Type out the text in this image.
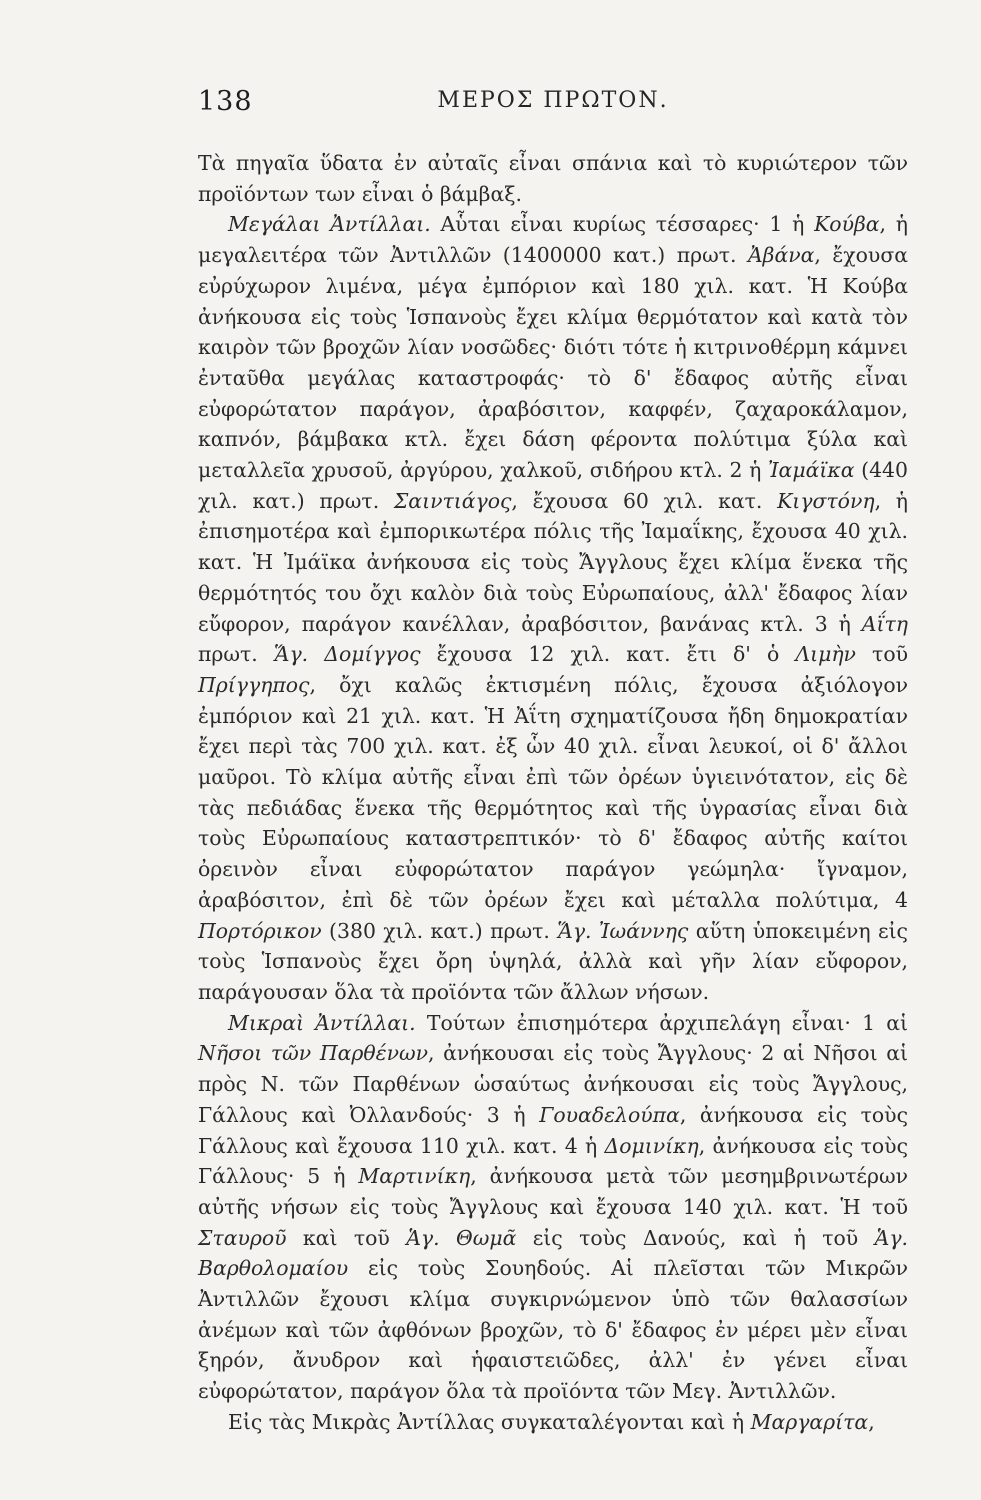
138	ΜΕΡΟΣ ΠΡΩΤΟΝ.

Τὰ πηγαῖα ὕδατα ἐν αὐταῖς εἶναι σπάνια καὶ τὸ κυριώτερον τῶν προϊόντων των εἶναι ὁ βάμβαξ.

Μεγάλαι Ἀντίλλαι. Αὗται εἶναι κυρίως τέσσαρες· 1 ἡ Κούβα, ἡ μεγαλειτέρα τῶν Ἀντιλλῶν (1400000 κατ.) πρωτ. Ἀβάνα, ἔχουσα εὐρύχωρον λιμένα, μέγα ἐμπόριον καὶ 180 χιλ. κατ. Ἡ Κούβα ἀνήκουσα εἰς τοὺς Ἱσπανοὺς ἔχει κλίμα θερμότατον καὶ κατὰ τὸν καιρὸν τῶν βροχῶν λίαν νοσῶδες· διότι τότε ἡ κιτρινοθέρμη κάμνει ἐνταῦθα μεγάλας καταστροφάς· τὸ δ' ἔδαφος αὐτῆς εἶναι εὐφορώτατον παράγον, ἀραβόσιτον, καφφέν, ζαχαροκάλαμον, καπνόν, βάμβακα κτλ. ἔχει δάση φέροντα πολύτιμα ξύλα καὶ μεταλλεῖα χρυσοῦ, ἀργύρου, χαλκοῦ, σιδήρου κτλ. 2 ἡ Ἰαμάϊκα (440 χιλ. κατ.) πρωτ. Σαιντιάγος, ἔχουσα 60 χιλ. κατ. Κιγστόνη, ἡ ἐπισημοτέρα καὶ ἐμπορικωτέρα πόλις τῆς Ἰαμαΐκης, ἔχουσα 40 χιλ. κατ. Ἡ Ἰμάϊκα ἀνήκουσα εἰς τοὺς Ἄγγλους ἔχει κλίμα ἕνεκα τῆς θερμότητός του ὄχι καλὸν διὰ τοὺς Εὐρωπαίους, ἀλλ' ἔδαφος λίαν εὔφορον, παράγον κανέλλαν, ἀραβόσιτον, βανάνας κτλ. 3 ἡ Αΐτη πρωτ. Ἅγ. Δομίγγος ἔχουσα 12 χιλ. κατ. ἔτι δ' ὁ Λιμὴν τοῦ Πρίγγηπος, ὄχι καλῶς ἐκτισμένη πόλις, ἔχουσα ἀξιόλογον ἐμπόριον καὶ 21 χιλ. κατ. Ἡ Ἀΐτη σχηματίζουσα ἤδη δημοκρατίαν ἔχει περὶ τὰς 700 χιλ. κατ. ἐξ ὧν 40 χιλ. εἶναι λευκοί, οἱ δ' ἄλλοι μαῦροι. Τὸ κλίμα αὐτῆς εἶναι ἐπὶ τῶν ὀρέων ὑγιεινότατον, εἰς δὲ τὰς πεδιάδας ἕνεκα τῆς θερμότητος καὶ τῆς ὑγρασίας εἶναι διὰ τοὺς Εὐρωπαίους καταστρεπτικόν· τὸ δ' ἔδαφος αὐτῆς καίτοι ὀρεινὸν εἶναι εὐφορώτατον παράγον γεώμηλα· ἴγναμον, ἀραβόσιτον, ἐπὶ δὲ τῶν ὀρέων ἔχει καὶ μέταλλα πολύτιμα, 4 Πορτόρικον (380 χιλ. κατ.) πρωτ. Ἅγ. Ἰωάννης αὕτη ὑποκειμένη εἰς τοὺς Ἱσπανοὺς ἔχει ὄρη ὑψηλά, ἀλλὰ καὶ γῆν λίαν εὔφορον, παράγουσαν ὅλα τὰ προϊόντα τῶν ἄλλων νήσων.

Μικραὶ Ἀντίλλαι. Τούτων ἐπισημότερα ἀρχιπελάγη εἶναι· 1 αἱ Νῆσοι τῶν Παρθένων, ἀνήκουσαι εἰς τοὺς Ἄγγλους· 2 αἱ Νῆσοι αἱ πρὸς Ν. τῶν Παρθένων ὡσαύτως ἀνήκουσαι εἰς τοὺς Ἄγγλους, Γάλλους καὶ Ὀλλανδούς· 3 ἡ Γουαδελούπα, ἀνήκουσα εἰς τοὺς Γάλλους καὶ ἔχουσα 110 χιλ. κατ. 4 ἡ Δομινίκη, ἀνήκουσα εἰς τοὺς Γάλλους· 5 ἡ Μαρτινίκη, ἀνήκουσα μετὰ τῶν μεσημβρινωτέρων αὐτῆς νήσων εἰς τοὺς Ἄγγλους καὶ ἔχουσα 140 χιλ. κατ. Ἡ τοῦ Σταυροῦ καὶ τοῦ Ἁγ. Θωμᾶ εἰς τοὺς Δανούς, καὶ ἡ τοῦ Ἁγ. Βαρθολομαίου εἰς τοὺς Σουηδούς. Αἱ πλεῖσται τῶν Μικρῶν Ἀντιλλῶν ἔχουσι κλίμα συγκιρνώμενον ὑπὸ τῶν θαλασσίων ἀνέμων καὶ τῶν ἀφθόνων βροχῶν, τὸ δ' ἔδαφος ἐν μέρει μὲν εἶναι ξηρόν, ἄνυδρον καὶ ἡφαιστειῶδες, ἀλλ' ἐν γένει εἶναι εὐφορώτατον, παράγον ὅλα τὰ προϊόντα τῶν Μεγ. Ἀντιλλῶν.

Εἰς τὰς Μικρὰς Ἀντίλλας συγκαταλέγονται καὶ ἡ Μαργαρίτα,
